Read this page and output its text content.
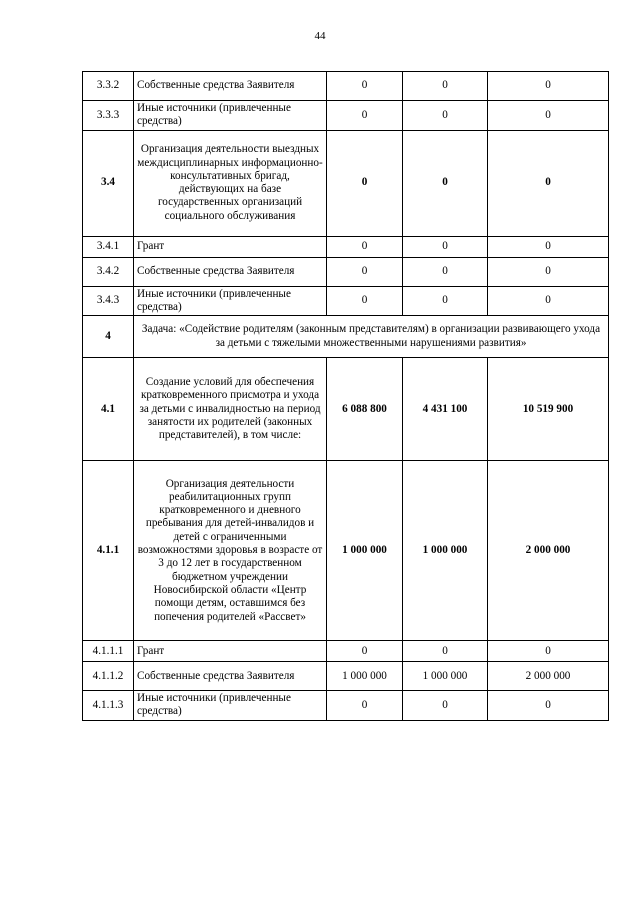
44
3.3.2	Собственные средства Заявителя	0	0	0
3.3.3	Иные источники (привлеченные средства)	0	0	0
3.4	Организация деятельности выездных междисциплинарных информационно-консультативных бригад, действующих на базе государственных организаций социального обслуживания	0	0	0
3.4.1	Грант	0	0	0
3.4.2	Собственные средства Заявителя	0	0	0
3.4.3	Иные источники (привлеченные средства)	0	0	0
4	Задача: «Содействие родителям (законным представителям) в организации развивающего ухода за детьми с тяжелыми множественными нарушениями развития»			
4.1	Создание условий для обеспечения кратковременного присмотра и ухода за детьми с инвалидностью на период занятости их родителей (законных представителей), в том числе:	6 088 800	4 431 100	10 519 900
4.1.1	Организация деятельности реабилитационных групп кратковременного и дневного пребывания для детей-инвалидов и детей с ограниченными возможностями здоровья в возрасте от 3 до 12 лет в государственном бюджетном учреждении Новосибирской области «Центр помощи детям, оставшимся без попечения родителей «Рассвет»	1 000 000	1 000 000	2 000 000
4.1.1.1	Грант	0	0	0
4.1.1.2	Собственные средства Заявителя	1 000 000	1 000 000	2 000 000
4.1.1.3	Иные источники (привлеченные средства)	0	0	0
